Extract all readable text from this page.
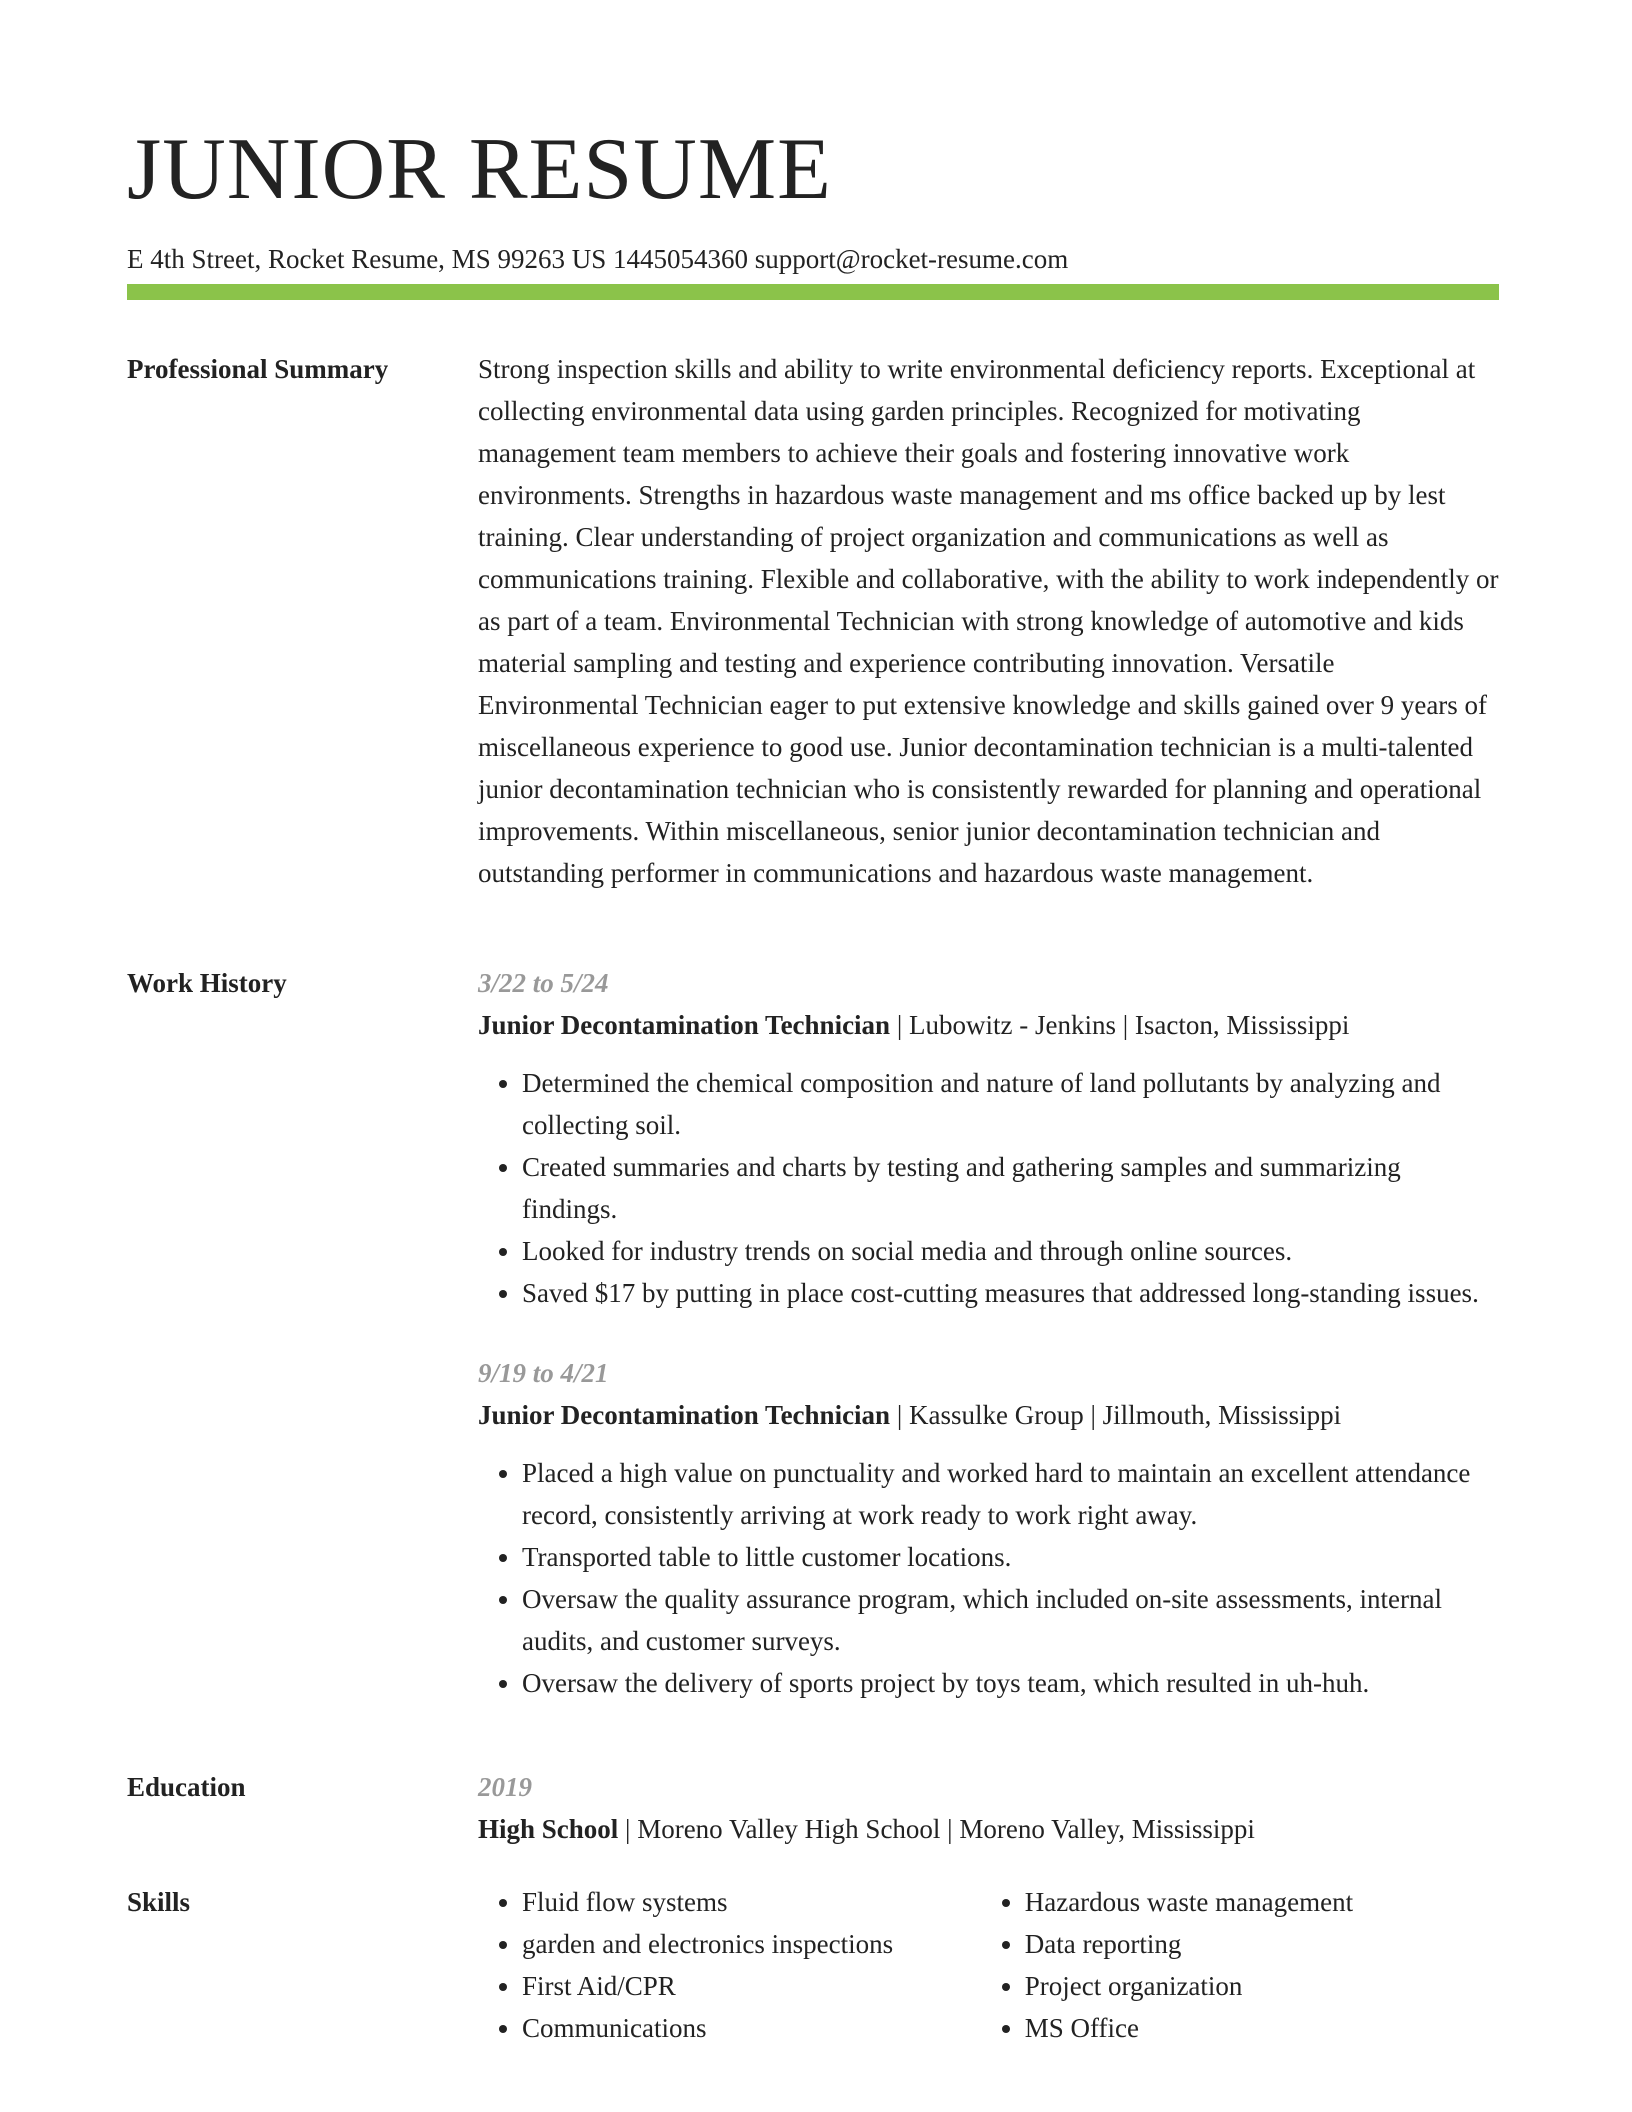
JUNIOR RESUME
E 4th Street, Rocket Resume, MS 99263 US 1445054360 support@rocket-resume.com
Professional Summary	Strong inspection skills and ability to write environmental deficiency reports. Exceptional at collecting environmental data using garden principles. Recognized for motivating management team members to achieve their goals and fostering innovative work environments. Strengths in hazardous waste management and ms office backed up by lest training. Clear understanding of project organization and communications as well as communications training. Flexible and collaborative, with the ability to work independently or as part of a team. Environmental Technician with strong knowledge of automotive and kids material sampling and testing and experience contributing innovation. Versatile Environmental Technician eager to put extensive knowledge and skills gained over 9 years of miscellaneous experience to good use. Junior decontamination technician is a multi-talented junior decontamination technician who is consistently rewarded for planning and operational improvements. Within miscellaneous, senior junior decontamination technician and outstanding performer in communications and hazardous waste management.

Work History	3/22 to 5/24
Junior Decontamination Technician | Lubowitz - Jenkins | Isacton, Mississippi
• Determined the chemical composition and nature of land pollutants by analyzing and collecting soil.
• Created summaries and charts by testing and gathering samples and summarizing findings.
• Looked for industry trends on social media and through online sources.
• Saved $17 by putting in place cost-cutting measures that addressed long-standing issues.
9/19 to 4/21
Junior Decontamination Technician | Kassulke Group | Jillmouth, Mississippi
• Placed a high value on punctuality and worked hard to maintain an excellent attendance record, consistently arriving at work ready to work right away.
• Transported table to little customer locations.
• Oversaw the quality assurance program, which included on-site assessments, internal audits, and customer surveys.
• Oversaw the delivery of sports project by toys team, which resulted in uh-huh.
Education	2019
High School | Moreno Valley High School | Moreno Valley, Mississippi
Skills
•	Fluid flow systems
• garden and electronics inspections
• First Aid/CPR
• Communications
• Hazardous waste management
• Data reporting
• Project organization
• MS Office
